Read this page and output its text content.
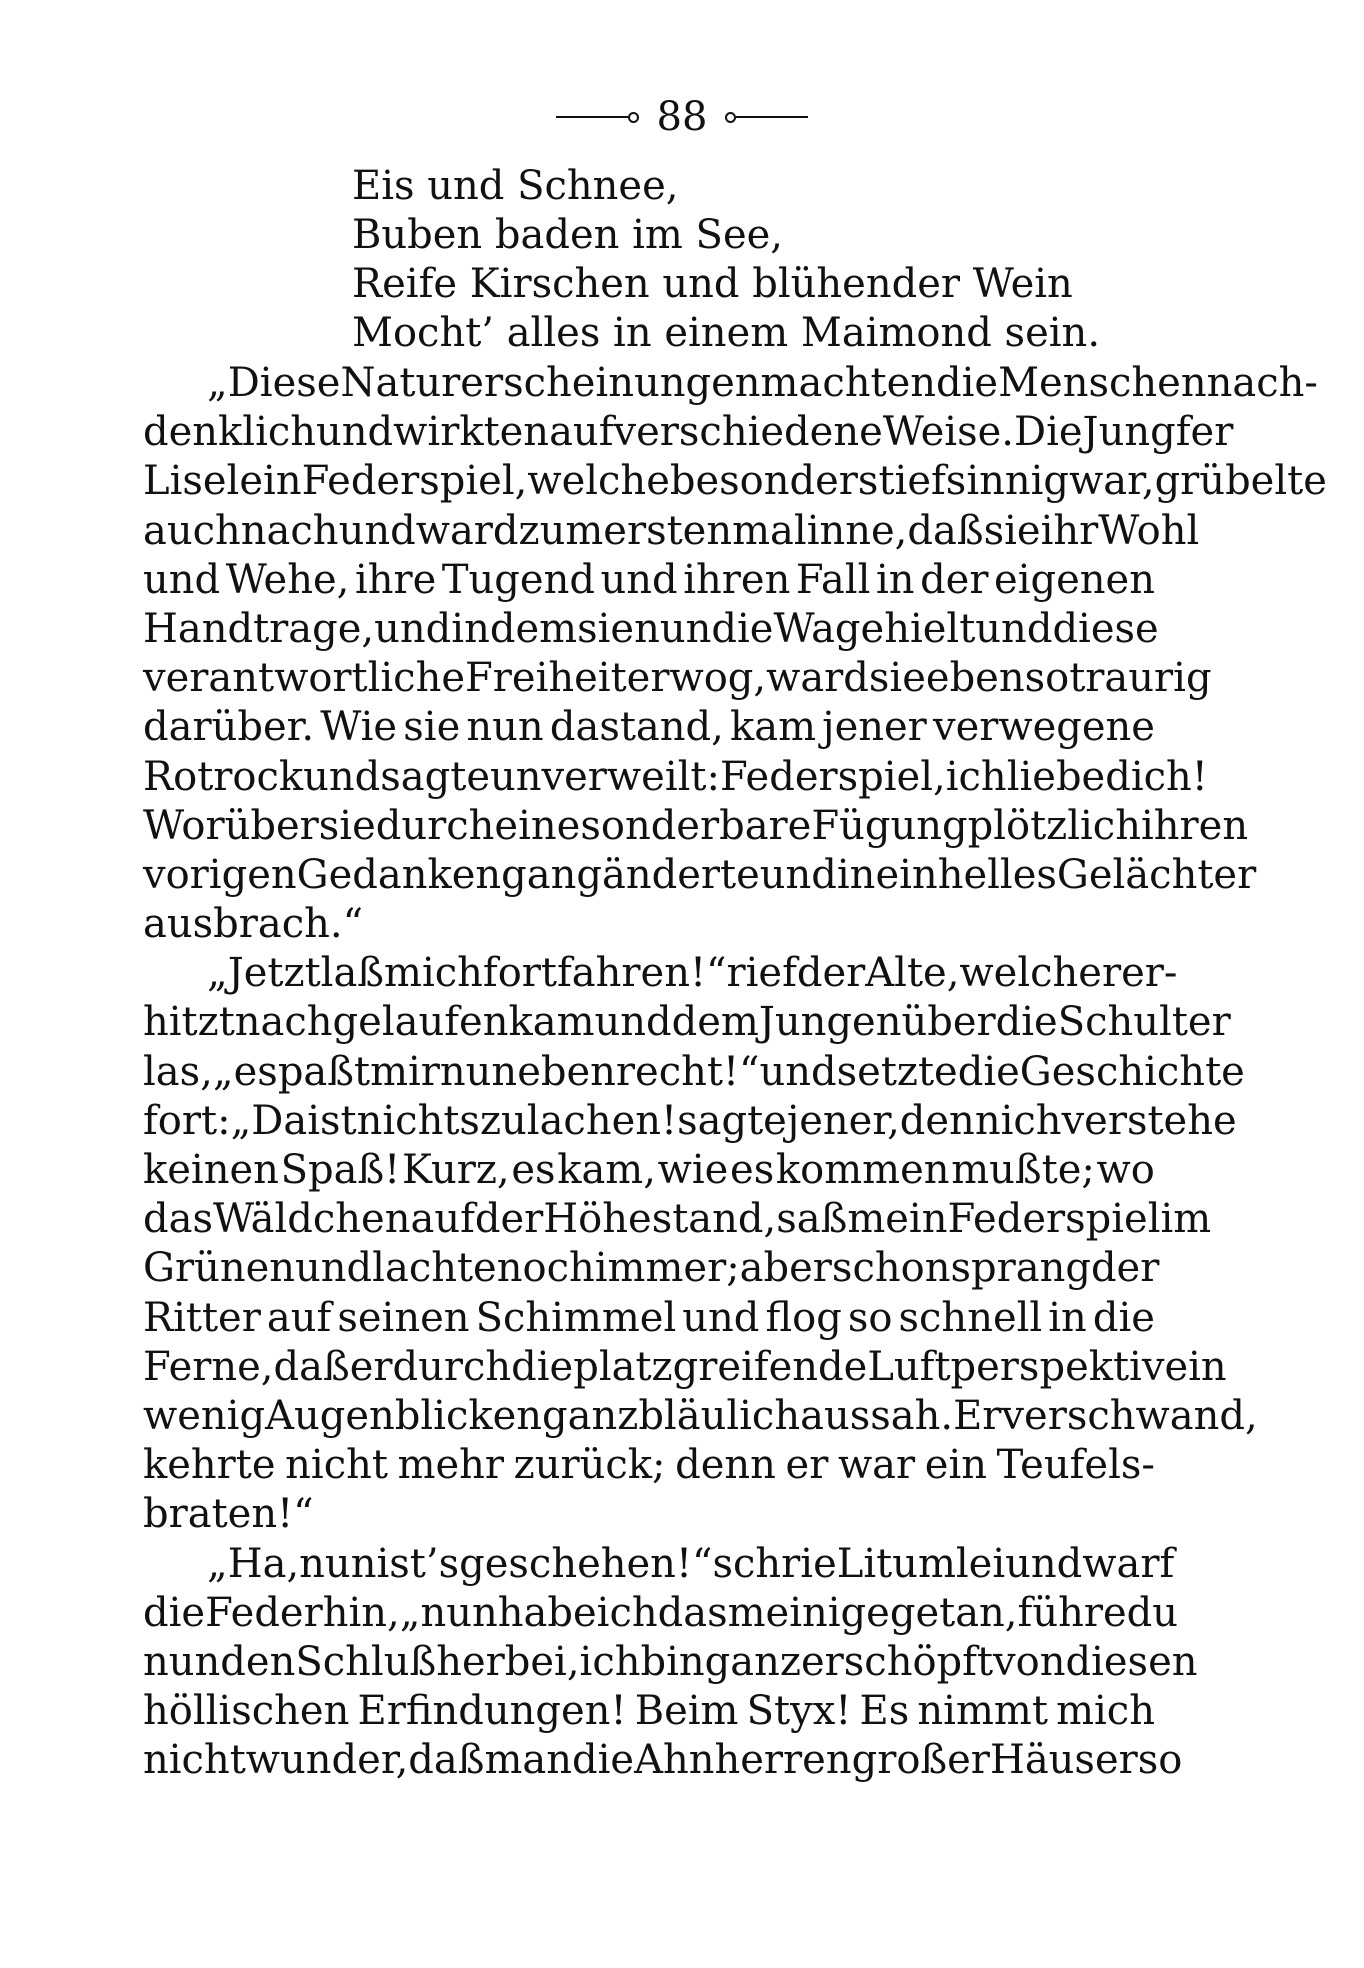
88
Eis und Schnee,
Buben baden im See,
Reife Kirschen und blühender Wein
Mocht’ alles in einem Maimond sein.
„Diese Naturerscheinungen machten die Menschen nach-
denklich und wirkten auf verschiedene Weise. Die Jungfer
Liselein Federspiel, welche besonders tiefsinnig war, grübelte
auch nach und ward zum erstenmal inne, daß sie ihr Wohl
und Wehe, ihre Tugend und ihren Fall in der eigenen
Hand trage, und indem sie nun die Wage hielt und diese
verantwortliche Freiheit erwog, ward sie ebenso traurig
darüber. Wie sie nun dastand, kam jener verwegene
Rotrock und sagte unverweilt: Federspiel, ich liebe dich!
Worüber sie durch eine sonderbare Fügung plötzlich ihren
vorigen Gedankengang änderte und in ein helles Gelächter
ausbrach.“
„Jetzt laß mich fortfahren!“ rief der Alte, welcher er-
hitzt nachgelaufen kam und dem Jungen über die Schulter
las, „es paßt mir nun eben recht!“ und setzte die Geschichte
fort: „Da ist nichts zu lachen! sagte jener, denn ich verstehe
keinen Spaß! Kurz, es kam, wie es kommen mußte; wo
das Wäldchen auf der Höhe stand, saß mein Federspiel im
Grünen und lachte noch immer; aber schon sprang der
Ritter auf seinen Schimmel und flog so schnell in die
Ferne, daß er durch die platzgreifende Luftperspektive in
wenig Augenblicken ganz bläulich aussah. Er verschwand,
kehrte nicht mehr zurück; denn er war ein Teufels-
braten!“
„Ha, nun ist’s geschehen!“ schrie Litumlei und warf
die Feder hin, „nun habe ich das meinige getan, führe du
nun den Schluß herbei, ich bin ganz erschöpft von diesen
höllischen Erfindungen! Beim Styx! Es nimmt mich
nicht wunder, daß man die Ahnherren großer Häuser so
